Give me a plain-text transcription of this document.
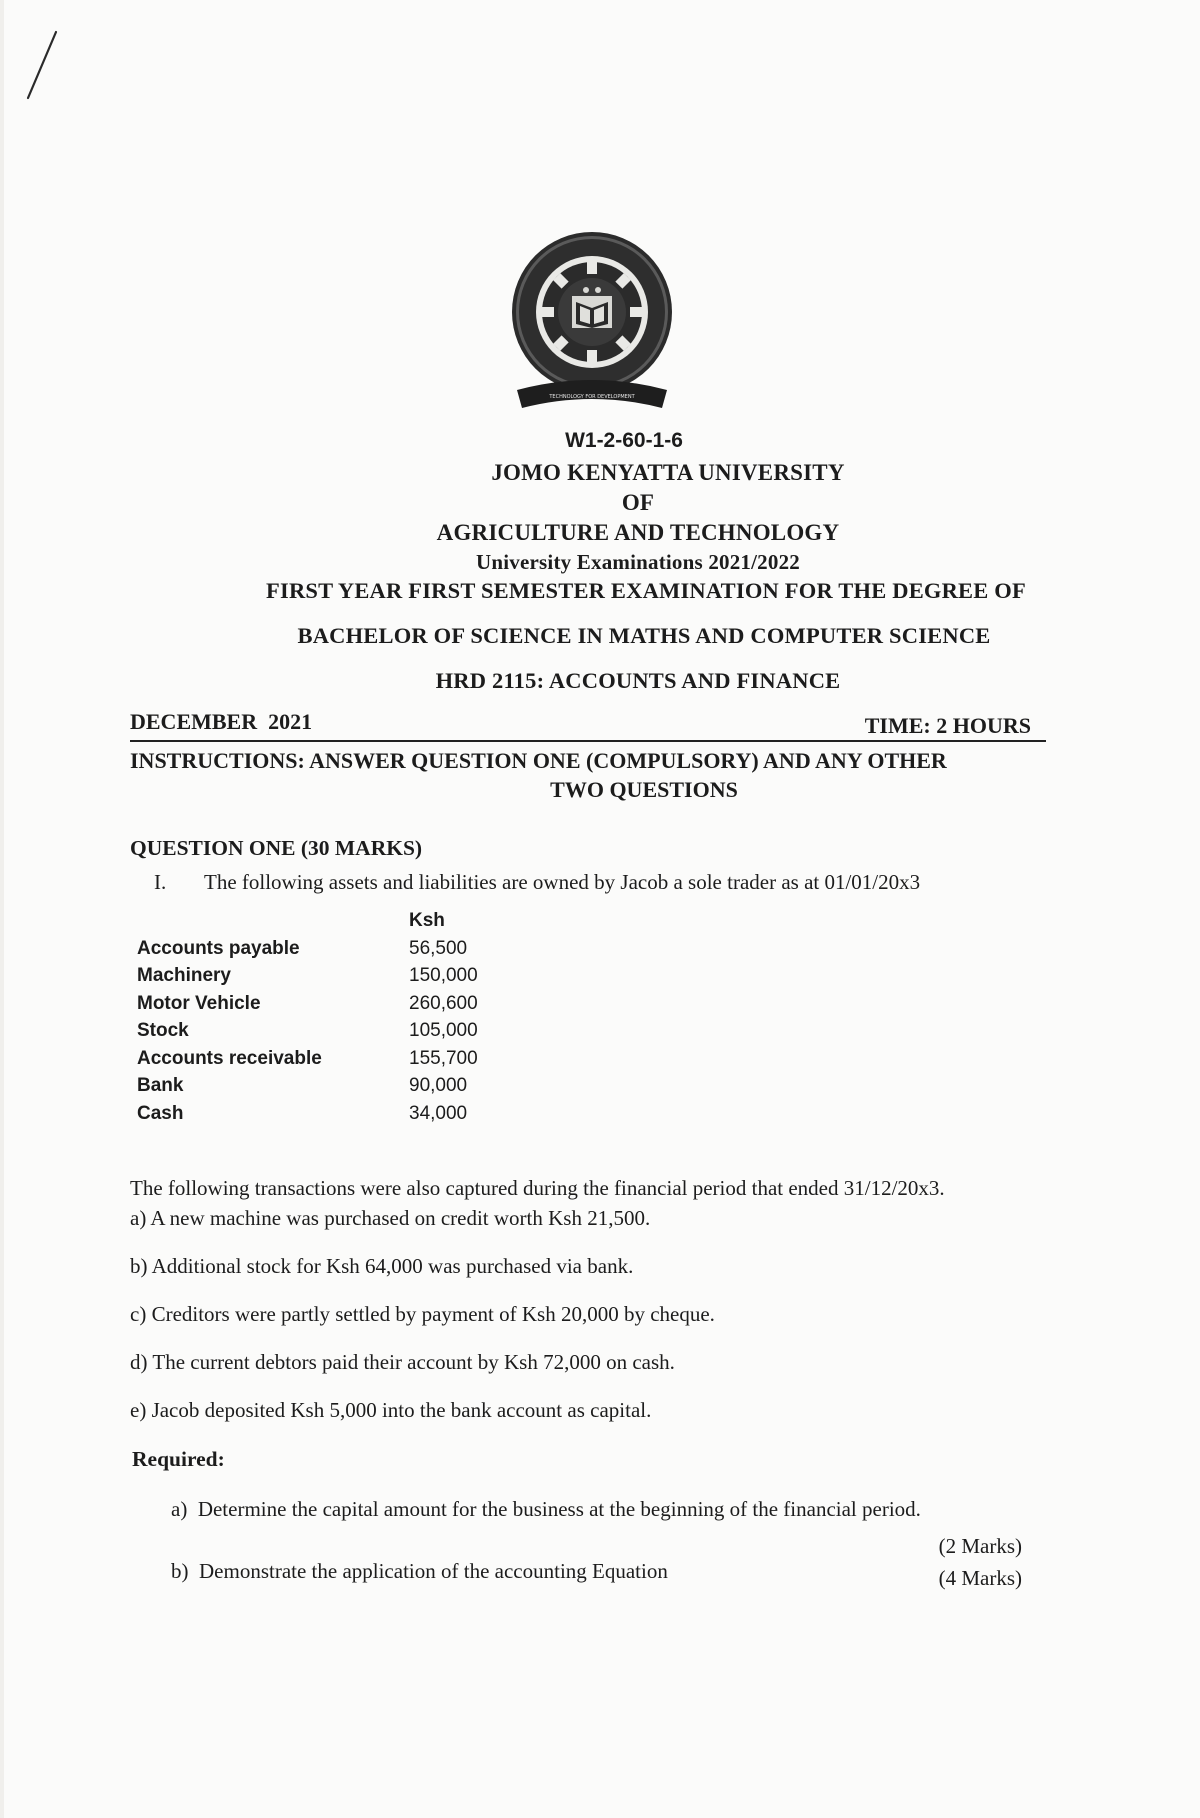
TECHNOLOGY FOR DEVELOPMENT
W1-2-60-1-6
JOMO KENYATTA UNIVERSITY
OF
AGRICULTURE AND TECHNOLOGY
University Examinations 2021/2022
FIRST YEAR FIRST SEMESTER EXAMINATION FOR THE DEGREE OF
BACHELOR OF SCIENCE IN MATHS AND COMPUTER SCIENCE
HRD 2115: ACCOUNTS AND FINANCE
DECEMBER  2021	TIME: 2 HOURS
INSTRUCTIONS: ANSWER QUESTION ONE (COMPULSORY) AND ANY OTHER
TWO QUESTIONS
QUESTION ONE (30 MARKS)
I. The following assets and liabilities are owned by Jacob a sole trader as at 01/01/20x3
Ksh
Accounts payable	56,500
Machinery	150,000
Motor Vehicle	260,600
Stock	105,000
Accounts receivable	155,700
Bank	90,000
Cash	34,000
The following transactions were also captured during the financial period that ended 31/12/20x3.
a) A new machine was purchased on credit worth Ksh 21,500.
b) Additional stock for Ksh 64,000 was purchased via bank.
c) Creditors were partly settled by payment of Ksh 20,000 by cheque.
d) The current debtors paid their account by Ksh 72,000 on cash.
e) Jacob deposited Ksh 5,000 into the bank account as capital.
Required:
a)  Determine the capital amount for the business at the beginning of the financial period.
(2 Marks)
b)  Demonstrate the application of the accounting Equation	(4 Marks)
